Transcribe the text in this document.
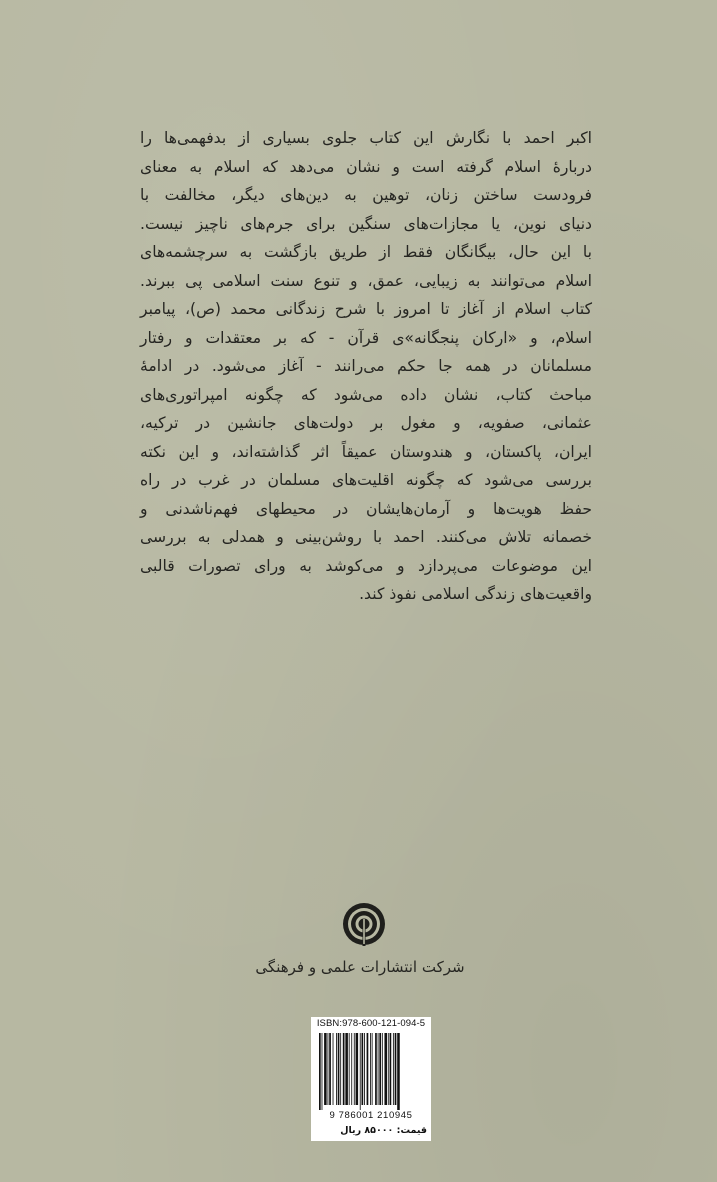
اکبر احمد با نگارش این کتاب جلوی بسیاری از بدفهمی‌ها را
دربارهٔ اسلام گرفته است و نشان می‌دهد که اسلام به معنای
فرودست ساختن زنان، توهین به دین‌های دیگر، مخالفت با
دنیای نوین، یا مجازات‌های سنگین برای جرم‌های ناچیز نیست.
با این حال، بیگانگان فقط از طریق بازگشت به سرچشمه‌های
اسلام می‌توانند به زیبایی، عمق، و تنوع سنت اسلامی پی ببرند.
کتاب اسلام از آغاز تا امروز با شرح زندگانی محمد (ص)، پیامبر
اسلام، و «ارکان پنجگانه»ی قرآن - که بر معتقدات و رفتار
مسلمانان در همه جا حکم می‌رانند - آغاز می‌شود. در ادامهٔ
مباحث کتاب، نشان داده می‌شود که چگونه امپراتوری‌های
عثمانی، صفویه، و مغول بر دولت‌های جانشین در ترکیه،
ایران، پاکستان، و هندوستان عمیقاً اثر گذاشته‌اند، و این نکته
بررسی می‌شود که چگونه اقلیت‌های مسلمان در غرب در راه
حفظ هویت‌ها و آرمان‌هایشان در محیطهای فهم‌ناشدنی و
خصمانه تلاش می‌کنند. احمد با روشن‌بینی و همدلی به بررسی
این موضوعات می‌پردازد و می‌کوشد به ورای تصورات قالبی
واقعیت‌های زندگی اسلامی نفوذ کند.
شرکت انتشارات علمی و فرهنگی
ISBN:978-600-121-094-5
9 786001 210945
قیمت: ۸۵۰۰۰ ریال
